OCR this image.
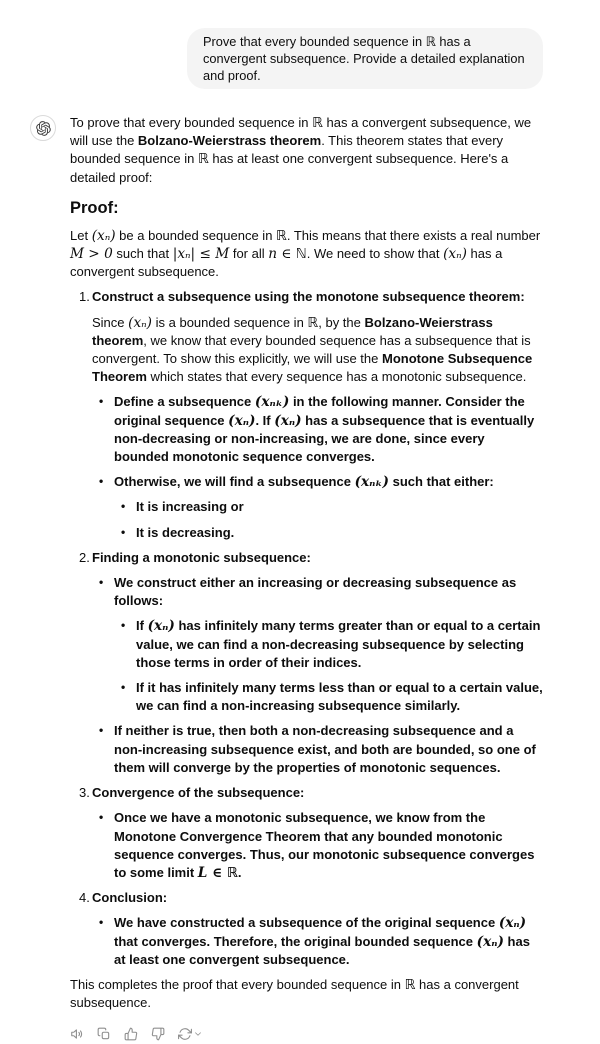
Prove that every bounded sequence in ℝ has a convergent subsequence. Provide a detailed explanation and proof.

To prove that every bounded sequence in ℝ has a convergent subsequence, we will use the Bolzano-Weierstrass theorem. This theorem states that every bounded sequence in ℝ has at least one convergent subsequence. Here's a detailed proof:

Proof:

Let (xₙ) be a bounded sequence in ℝ. This means that there exists a real number M > 0 such that |xₙ| ≤ M for all n ∈ ℕ. We need to show that (xₙ) has a convergent subsequence.

Construct a subsequence using the monotone subsequence theorem:

Since (xₙ) is a bounded sequence in ℝ, by the Bolzano-Weierstrass theorem, we know that every bounded sequence has a subsequence that is convergent. To show this explicitly, we will use the Monotone Subsequence Theorem which states that every sequence has a monotonic subsequence.

• Define a subsequence (xₙₖ) in the following manner. Consider the original sequence (xₙ). If (xₙ) has a subsequence that is eventually non-decreasing or non-increasing, we are done, since every bounded monotonic sequence converges.

• Otherwise, we will find a subsequence (xₙₖ) such that either:

• It is increasing or

• It is decreasing.

Finding a monotonic subsequence:

• We construct either an increasing or decreasing subsequence as follows:

• If (xₙ) has infinitely many terms greater than or equal to a certain value, we can find a non-decreasing subsequence by selecting those terms in order of their indices.

• If it has infinitely many terms less than or equal to a certain value, we can find a non-increasing subsequence similarly.

• If neither is true, then both a non-decreasing subsequence and a non-increasing subsequence exist, and both are bounded, so one of them will converge by the properties of monotonic sequences.

Convergence of the subsequence:

• Once we have a monotonic subsequence, we know from the Monotone Convergence Theorem that any bounded monotonic sequence converges. Thus, our monotonic subsequence converges to some limit L ∈ ℝ.

Conclusion:

• We have constructed a subsequence of the original sequence (xₙ) that converges. Therefore, the original bounded sequence (xₙ) has at least one convergent subsequence.

This completes the proof that every bounded sequence in ℝ has a convergent subsequence.
